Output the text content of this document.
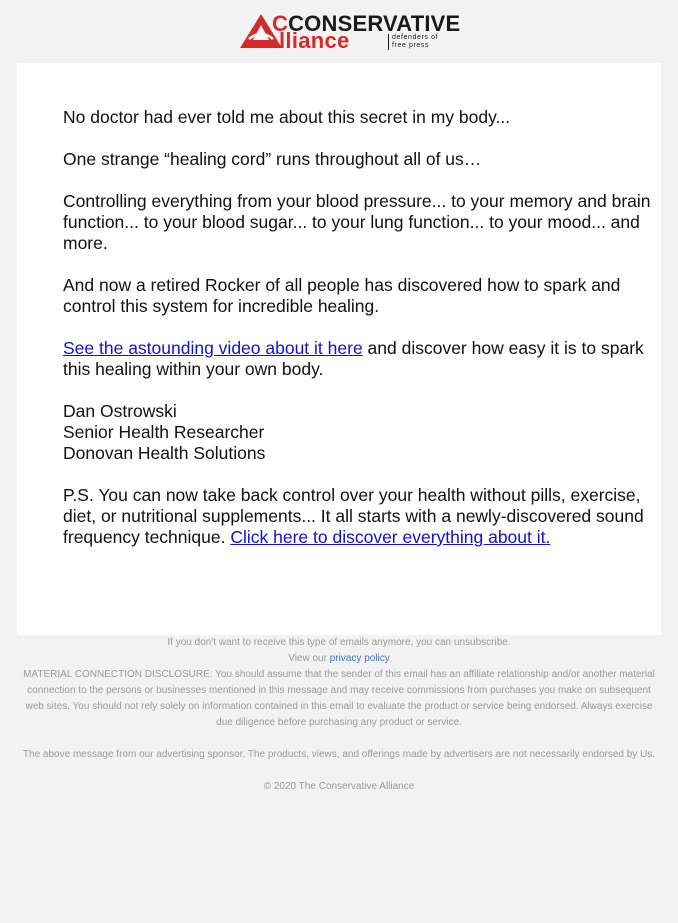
CCONSERVATIVE
lliance	defenders of free press

No doctor had ever told me about this secret in my body...

One strange “healing cord” runs throughout all of us…

Controlling everything from your blood pressure... to your memory and brain function... to your blood sugar... to your lung function... to your mood... and more.

And now a retired Rocker of all people has discovered how to spark and control this system for incredible healing.

See the astounding video about it here and discover how easy it is to spark this healing within your own body.

Dan Ostrowski
Senior Health Researcher
Donovan Health Solutions

P.S. You can now take back control over your health without pills, exercise, diet, or nutritional supplements... It all starts with a newly-discovered sound frequency technique. Click here to discover everything about it.

If you don't want to receive this type of emails anymore, you can unsubscribe.

View our privacy policy

MATERIAL CONNECTION DISCLOSURE: You should assume that the sender of this email has an affiliate relationship and/or another material connection to the persons or businesses mentioned in this message and may receive commissions from purchases you make on subsequent web sites. You should not rely solely on information contained in this email to evaluate the product or service being endorsed. Always exercise due diligence before purchasing any product or service.

The above message from our advertising sponsor. The products, views, and offerings made by advertisers are not necessarily endorsed by Us.

© 2020 The Conservative Alliance
